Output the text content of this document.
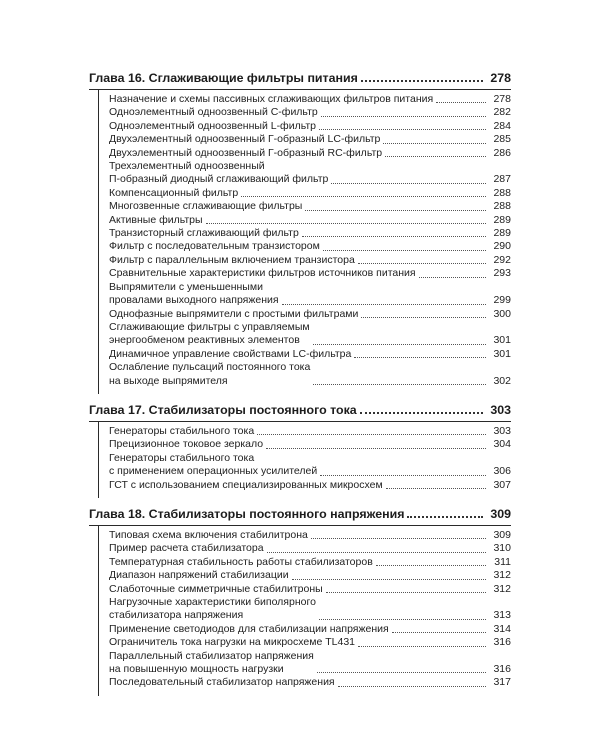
Глава 16. Сглаживающие фильтры питания	278
Назначение и схемы пассивных сглаживающих фильтров питания	278
Одноэлементный одноозвенный C-фильтр	282
Одноэлементный одноозвенный L-фильтр	284
Двухэлементный одноозвенный Г-образный LC-фильтр	285
Двухэлементный одноозвенный Г-образный RC-фильтр	286
Трехэлементный одноозвенный
П-образный диодный сглаживающий фильтр	287
Компенсационный фильтр	288
Многозвенные сглаживающие фильтры	288
Активные фильтры	289
Транзисторный сглаживающий фильтр	289
Фильтр с последовательным транзистором	290
Фильтр с параллельным включением транзистора	292
Сравнительные характеристики фильтров источников питания	293
Выпрямители с уменьшенными
провалами выходного напряжения	299
Однофазные выпрямители с простыми фильтрами	300
Сглаживающие фильтры с управляемым
энергообменом реактивных элементов	301
Динамичное управление свойствами LC-фильтра	301
Ослабление пульсаций постоянного тока
на выходе выпрямителя	302
Глава 17. Стабилизаторы постоянного тока	303
Генераторы стабильного тока	303
Прецизионное токовое зеркало	304
Генераторы стабильного тока
с применением операционных усилителей	306
ГСТ с использованием специализированных микросхем	307
Глава 18. Стабилизаторы постоянного напряжения	309
Типовая схема включения стабилитрона	309
Пример расчета стабилизатора	310
Температурная стабильность работы стабилизаторов	311
Диапазон напряжений стабилизации	312
Слаботочные симметричные стабилитроны	312
Нагрузочные характеристики биполярного
стабилизатора напряжения	313
Применение светодиодов для стабилизации напряжения	314
Ограничитель тока нагрузки на микросхеме TL431	316
Параллельный стабилизатор напряжения
на повышенную мощность нагрузки	316
Последовательный стабилизатор напряжения	317
